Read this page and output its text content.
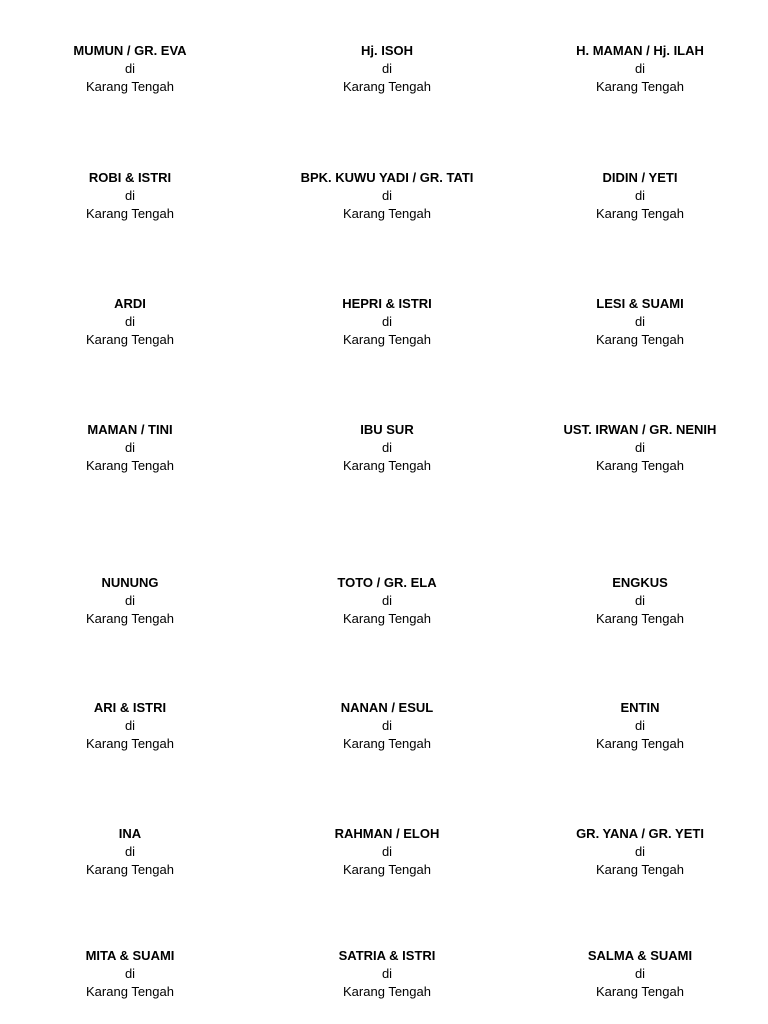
MUMUN / GR. EVA
di
Karang Tengah
Hj. ISOH
di
Karang Tengah
H. MAMAN / Hj. ILAH
di
Karang Tengah
ROBI & ISTRI
di
Karang Tengah
BPK. KUWU YADI / GR. TATI
di
Karang Tengah
DIDIN / YETI
di
Karang Tengah
ARDI
di
Karang Tengah
HEPRI & ISTRI
di
Karang Tengah
LESI & SUAMI
di
Karang Tengah
MAMAN / TINI
di
Karang Tengah
IBU SUR
di
Karang Tengah
UST. IRWAN / GR. NENIH
di
Karang Tengah
NUNUNG
di
Karang Tengah
TOTO / GR. ELA
di
Karang Tengah
ENGKUS
di
Karang Tengah
ARI & ISTRI
di
Karang Tengah
NANAN / ESUL
di
Karang Tengah
ENTIN
di
Karang Tengah
INA
di
Karang Tengah
RAHMAN / ELOH
di
Karang Tengah
GR. YANA / GR. YETI
di
Karang Tengah
MITA & SUAMI
di
Karang Tengah
SATRIA & ISTRI
di
Karang Tengah
SALMA & SUAMI
di
Karang Tengah
